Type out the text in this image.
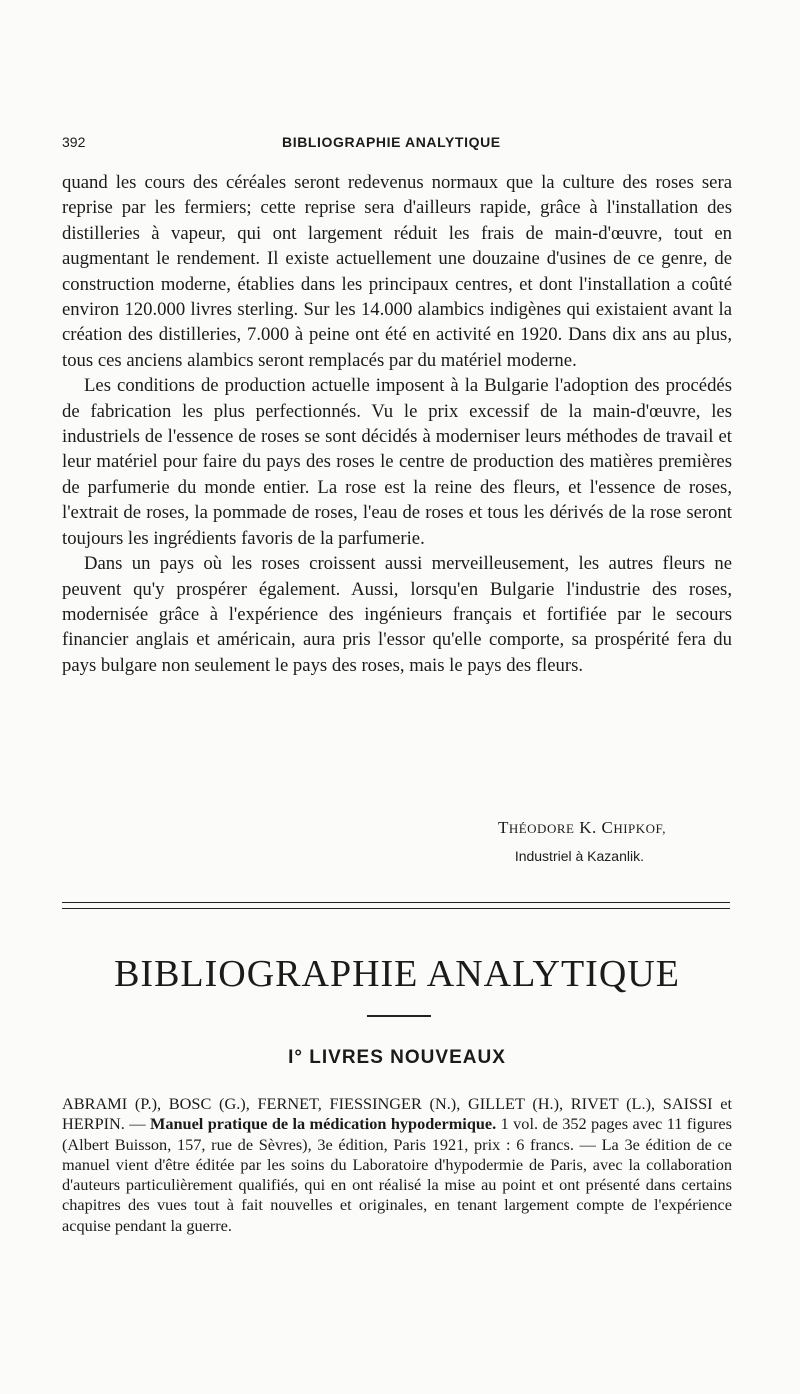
392	BIBLIOGRAPHIE ANALYTIQUE

quand les cours des céréales seront redevenus normaux que la culture des roses sera reprise par les fermiers; cette reprise sera d'ailleurs rapide, grâce à l'installation des distilleries à vapeur, qui ont largement réduit les frais de main-d'œuvre, tout en augmentant le rendement. Il existe actuellement une douzaine d'usines de ce genre, de construction moderne, établies dans les principaux centres, et dont l'installation a coûté environ 120.000 livres sterling. Sur les 14.000 alambics indigènes qui existaient avant la création des distilleries, 7.000 à peine ont été en activité en 1920. Dans dix ans au plus, tous ces anciens alambics seront remplacés par du matériel moderne.

Les conditions de production actuelle imposent à la Bulgarie l'adoption des procédés de fabrication les plus perfectionnés. Vu le prix excessif de la main-d'œuvre, les industriels de l'essence de roses se sont décidés à moderniser leurs méthodes de travail et leur matériel pour faire du pays des roses le centre de production des matières premières de parfumerie du monde entier. La rose est la reine des fleurs, et l'essence de roses, l'extrait de roses, la pommade de roses, l'eau de roses et tous les dérivés de la rose seront toujours les ingrédients favoris de la parfumerie.

Dans un pays où les roses croissent aussi merveilleusement, les autres fleurs ne peuvent qu'y prospérer également. Aussi, lorsqu'en Bulgarie l'industrie des roses, modernisée grâce à l'expérience des ingénieurs français et fortifiée par le secours financier anglais et américain, aura pris l'essor qu'elle comporte, sa prospérité fera du pays bulgare non seulement le pays des roses, mais le pays des fleurs.

THÉODORE K. CHIPKOF,
Industriel à Kazanlik.
BIBLIOGRAPHIE ANALYTIQUE
I° LIVRES NOUVEAUX
ABRAMI (P.), BOSC (G.), FERNET, FIESSINGER (N.), GILLET (H.), RIVET (L.), SAISSI et HERPIN. — Manuel pratique de la médication hypodermique. 1 vol. de 352 pages avec 11 figures (Albert Buisson, 157, rue de Sèvres), 3e édition, Paris 1921, prix : 6 francs. — La 3e édition de ce manuel vient d'être éditée par les soins du Laboratoire d'hypodermie de Paris, avec la collaboration d'auteurs particulièrement qualifiés, qui en ont réalisé la mise au point et ont présenté dans certains chapitres des vues tout à fait nouvelles et originales, en tenant largement compte de l'expérience acquise pendant la guerre.
